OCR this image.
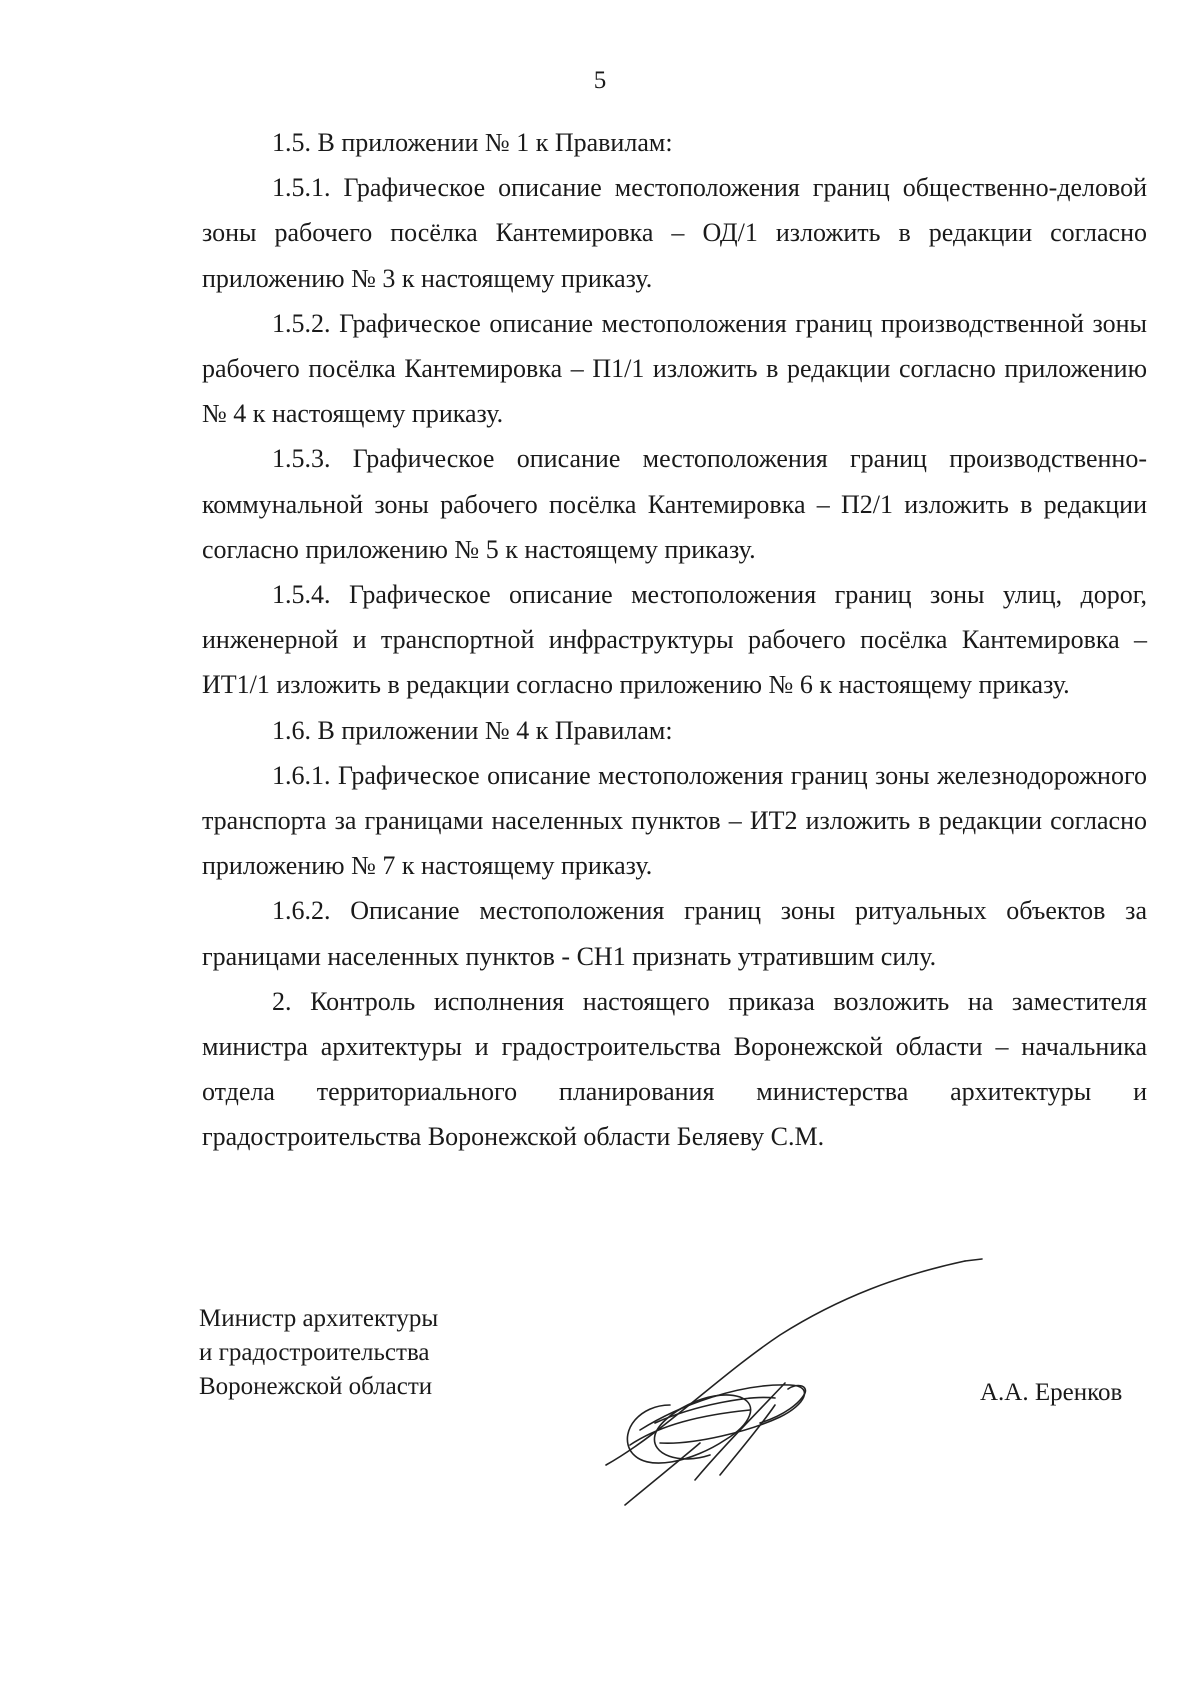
5

1.5. В приложении № 1 к Правилам:

1.5.1. Графическое описание местоположения границ общественно-деловой зоны рабочего посёлка Кантемировка – ОД/1 изложить в редакции согласно приложению № 3 к настоящему приказу.

1.5.2. Графическое описание местоположения границ производственной зоны рабочего посёлка Кантемировка – П1/1 изложить в редакции согласно приложению № 4 к настоящему приказу.

1.5.3. Графическое описание местоположения границ производственно-коммунальной зоны рабочего посёлка Кантемировка – П2/1 изложить в редакции согласно приложению № 5 к настоящему приказу.

1.5.4. Графическое описание местоположения границ зоны улиц, дорог, инженерной и транспортной инфраструктуры рабочего посёлка Кантемировка – ИТ1/1 изложить в редакции согласно приложению № 6 к настоящему приказу.

1.6. В приложении № 4 к Правилам:

1.6.1. Графическое описание местоположения границ зоны железнодорожного транспорта за границами населенных пунктов – ИТ2 изложить в редакции согласно приложению № 7 к настоящему приказу.

1.6.2. Описание местоположения границ зоны ритуальных объектов за границами населенных пунктов - СН1 признать утратившим силу.

2. Контроль исполнения настоящего приказа возложить на заместителя министра архитектуры и градостроительства Воронежской области – начальника отдела территориального планирования министерства архитектуры и градостроительства Воронежской области Беляеву С.М.

Министр архитектуры
и градостроительства
Воронежской области	А.А. Еренков
